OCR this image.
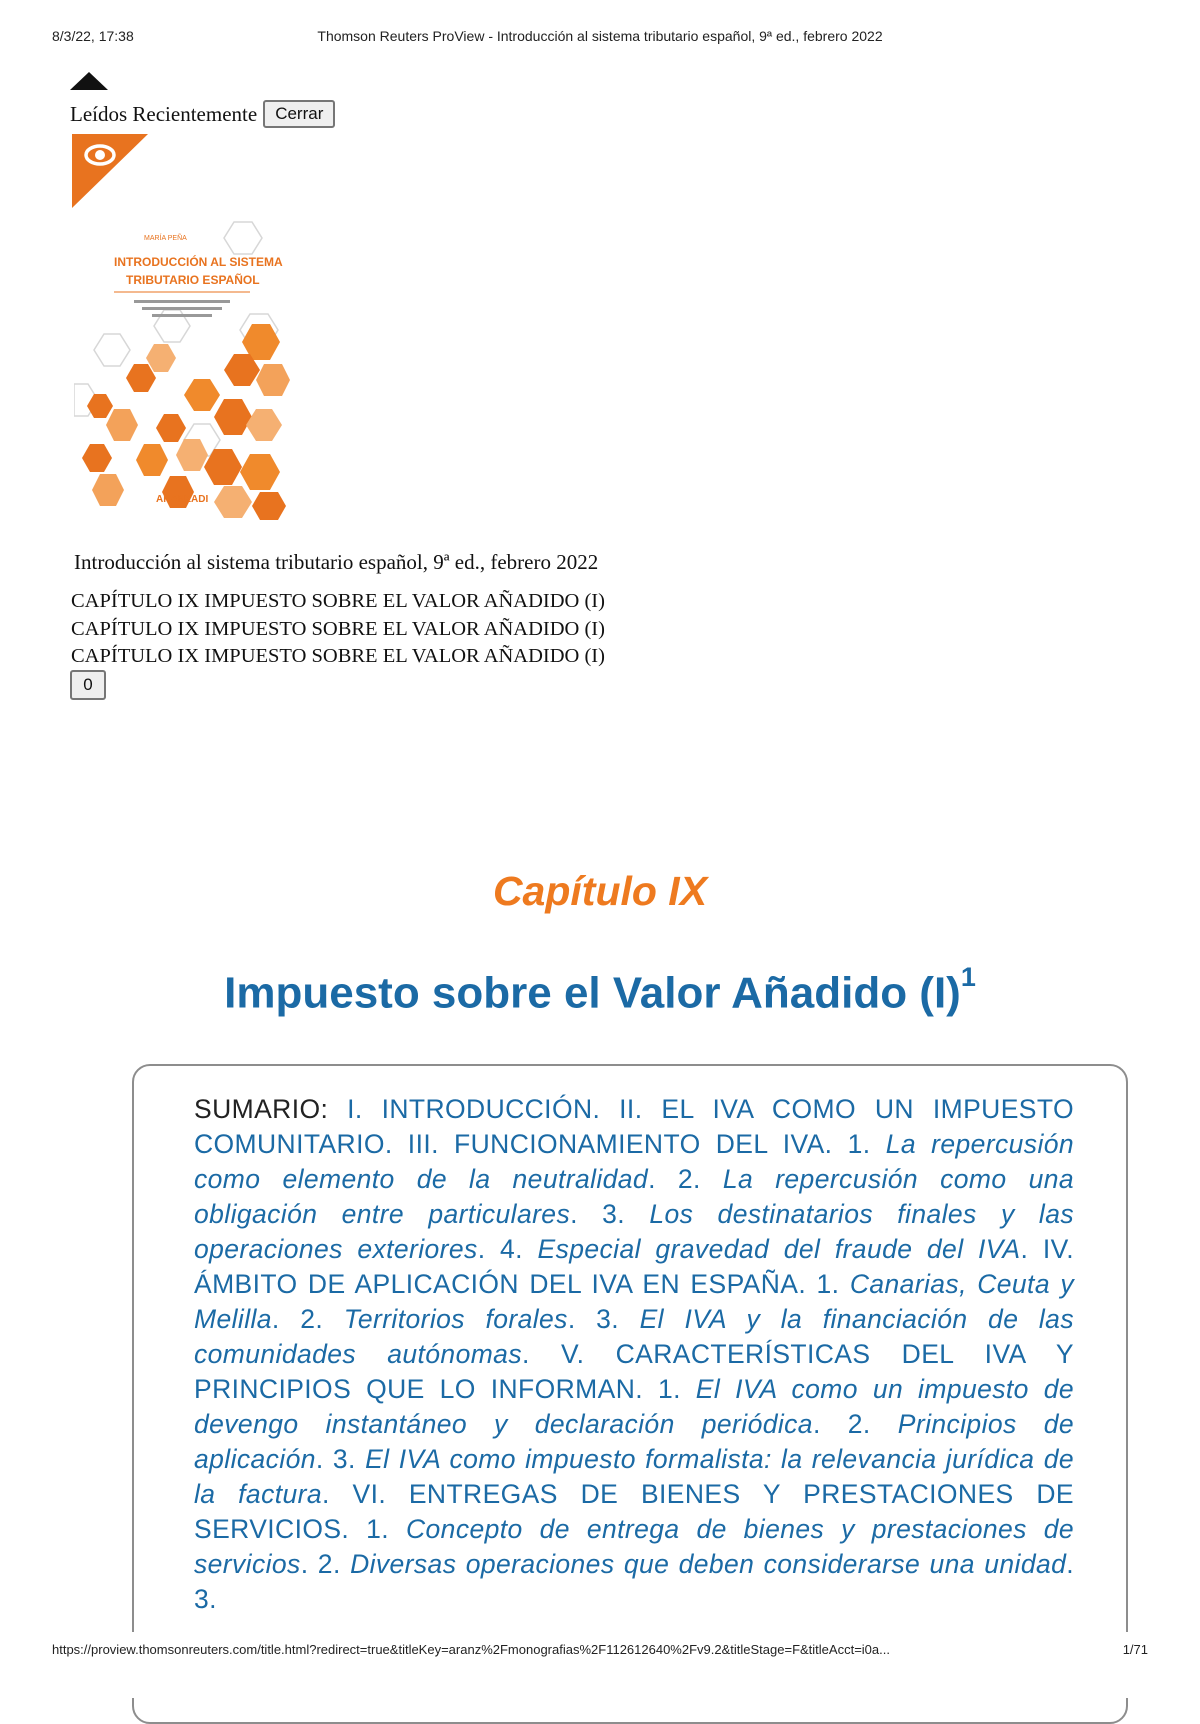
8/3/22, 17:38	Thomson Reuters ProView - Introducción al sistema tributario español, 9ª ed., febrero 2022
Leídos Recientemente	Cerrar
MARÍA PEÑA
INTRODUCCIÓN AL SISTEMA
TRIBUTARIO ESPAÑOL
ARANZADI
Introducción al sistema tributario español, 9ª ed., febrero 2022
CAPÍTULO IX IMPUESTO SOBRE EL VALOR AÑADIDO (I)
CAPÍTULO IX IMPUESTO SOBRE EL VALOR AÑADIDO (I)
CAPÍTULO IX IMPUESTO SOBRE EL VALOR AÑADIDO (I)
0
Capítulo IX
Impuesto sobre el Valor Añadido $(I)^1$
SUMARIO: I. INTRODUCCIÓN. II. EL IVA COMO UN IMPUESTO COMUNITARIO. III. FUNCIONAMIENTO DEL IVA. 1. La repercusión como elemento de la neutralidad. 2. La repercusión como una obligación entre particulares. 3. Los destinatarios finales y las operaciones exteriores. 4. Especial gravedad del fraude del IVA. IV. ÁMBITO DE APLICACIÓN DEL IVA EN ESPAÑA. 1. Canarias, Ceuta y Melilla. 2. Territorios forales. 3. El IVA y la financiación de las comunidades autónomas. V. CARACTERÍSTICAS DEL IVA Y PRINCIPIOS QUE LO INFORMAN. 1. El IVA como un impuesto de devengo instantáneo y declaración periódica. 2. Principios de aplicación. 3. El IVA como impuesto formalista: la relevancia jurídica de la factura. VI. ENTREGAS DE BIENES Y PRESTACIONES DE SERVICIOS. 1. Concepto de entrega de bienes y prestaciones de servicios. 2. Diversas operaciones que deben considerarse una unidad. 3.
https://proview.thomsonreuters.com/title.html?redirect=true&titleKey=aranz%2Fmonografias%2F112612640%2Fv9.2&titleStage=F&titleAcct=i0a...	1/71
